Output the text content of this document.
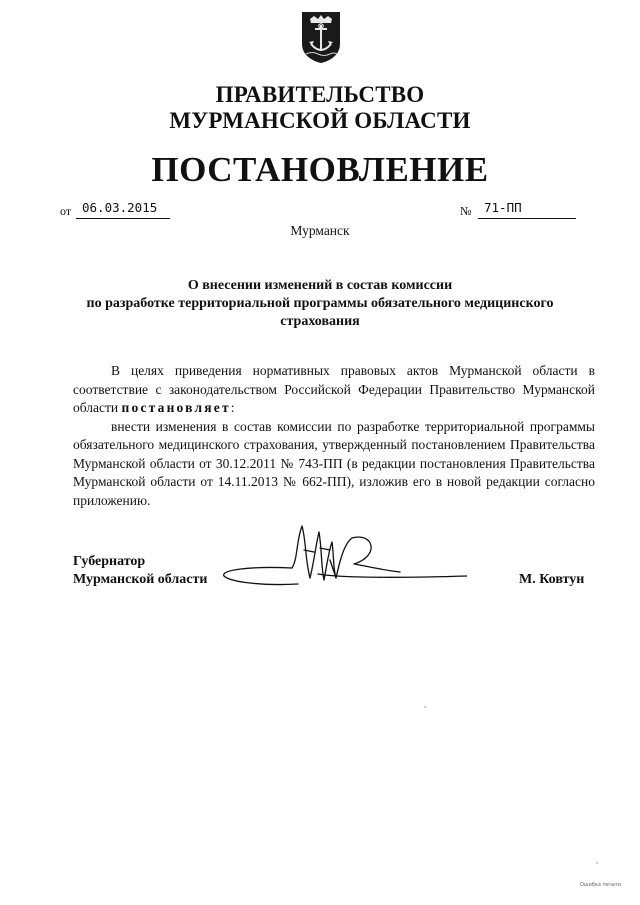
ПРАВИТЕЛЬСТВО
МУРМАНСКОЙ ОБЛАСТИ
ПОСТАНОВЛЕНИЕ
от 06.03.2015	№ 71-ПП
Мурманск
О внесении изменений в состав комиссии
по разработке территориальной программы обязательного медицинского
страхования

В целях приведения нормативных правовых актов Мурманской области в соответствие с законодательством Российской Федерации Правительство Мурманской области постановляет:

внести изменения в состав комиссии по разработке территориальной программы обязательного медицинского страхования, утвержденный постановлением Правительства Мурманской области от 30.12.2011 № 743-ПП (в редакции постановления Правительства Мурманской области от 14.11.2013 № 662-ПП), изложив его в новой редакции согласно приложению.

Губернатор
Мурманской области	М. Ковтун
Ошибка печати
